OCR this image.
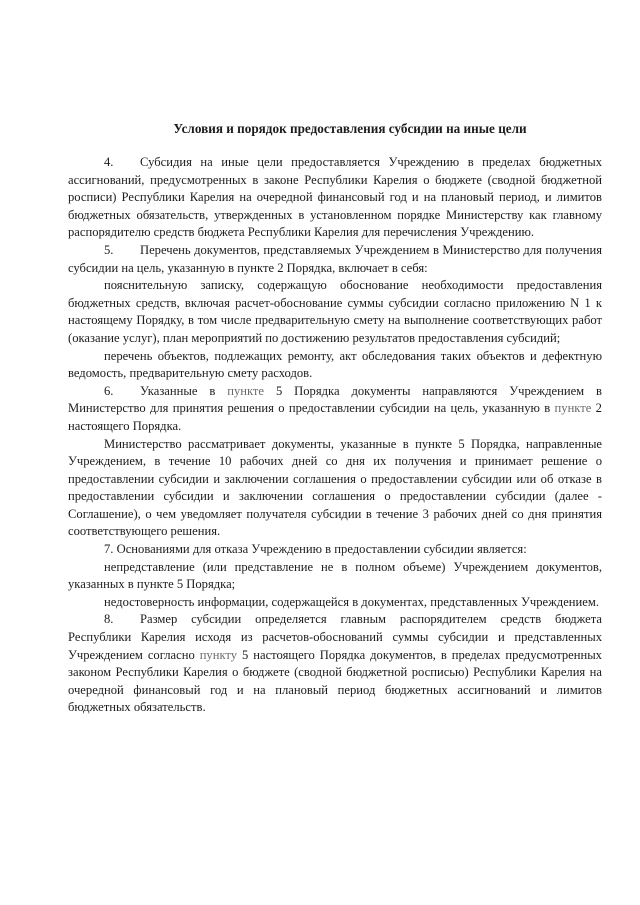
Условия и порядок предоставления субсидии на иные цели

4. Субсидия на иные цели предоставляется Учреждению в пределах бюджетных ассигнований, предусмотренных в законе Республики Карелия о бюджете (сводной бюджетной росписи) Республики Карелия на очередной финансовый год и на плановый период, и лимитов бюджетных обязательств, утвержденных в установленном порядке Министерству как главному распорядителю средств бюджета Республики Карелия для перечисления Учреждению.

5. Перечень документов, представляемых Учреждением в Министерство для получения субсидии на цель, указанную в пункте 2 Порядка, включает в себя:

пояснительную записку, содержащую обоснование необходимости предоставления бюджетных средств, включая расчет-обоснование суммы субсидии согласно приложению N 1 к настоящему Порядку, в том числе предварительную смету на выполнение соответствующих работ (оказание услуг), план мероприятий по достижению результатов предоставления субсидий;

перечень объектов, подлежащих ремонту, акт обследования таких объектов и дефектную ведомость, предварительную смету расходов.

6. Указанные в пункте 5 Порядка документы направляются Учреждением в Министерство для принятия решения о предоставлении субсидии на цель, указанную в пункте 2 настоящего Порядка.

Министерство рассматривает документы, указанные в пункте 5 Порядка, направленные Учреждением, в течение 10 рабочих дней со дня их получения и принимает решение о предоставлении субсидии и заключении соглашения о предоставлении субсидии или об отказе в предоставлении субсидии и заключении соглашения о предоставлении субсидии (далее - Соглашение), о чем уведомляет получателя субсидии в течение 3 рабочих дней со дня принятия соответствующего решения.

7. Основаниями для отказа Учреждению в предоставлении субсидии является:

непредставление (или представление не в полном объеме) Учреждением документов, указанных в пункте 5 Порядка;

недостоверность информации, содержащейся в документах, представленных Учреждением.

8. Размер субсидии определяется главным распорядителем средств бюджета Республики Карелия исходя из расчетов-обоснований суммы субсидии и представленных Учреждением согласно пункту 5 настоящего Порядка документов, в пределах предусмотренных законом Республики Карелия о бюджете (сводной бюджетной росписью) Республики Карелия на очередной финансовый год и на плановый период бюджетных ассигнований и лимитов бюджетных обязательств.
